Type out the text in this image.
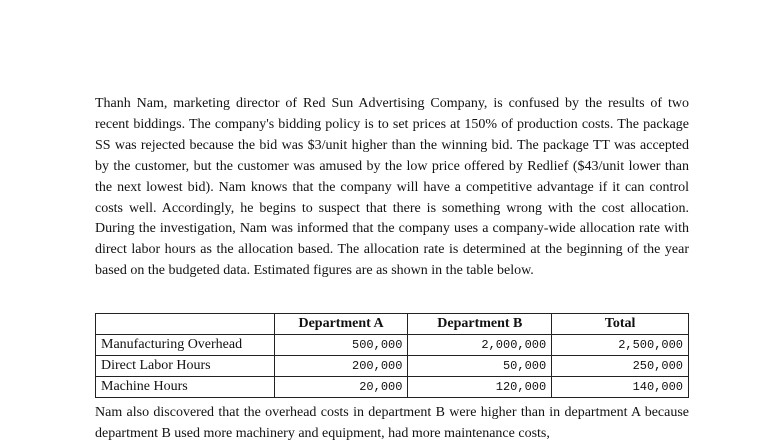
Thanh Nam, marketing director of Red Sun Advertising Company, is confused by the results of two recent biddings. The company's bidding policy is to set prices at 150% of production costs. The package SS was rejected because the bid was $3/unit higher than the winning bid. The package TT was accepted by the customer, but the customer was amused by the low price offered by Redlief ($43/unit lower than the next lowest bid). Nam knows that the company will have a competitive advantage if it can control costs well. Accordingly, he begins to suspect that there is something wrong with the cost allocation. During the investigation, Nam was informed that the company uses a company-wide allocation rate with direct labor hours as the allocation based. The allocation rate is determined at the beginning of the year based on the budgeted data. Estimated figures are as shown in the table below.

	Department A	Department B	Total
Manufacturing Overhead	500,000	2,000,000	2,500,000
Direct Labor Hours	200,000	50,000	250,000
Machine Hours	20,000	120,000	140,000

Nam also discovered that the overhead costs in department B were higher than in department A because department B used more machinery and equipment, had more maintenance costs,
